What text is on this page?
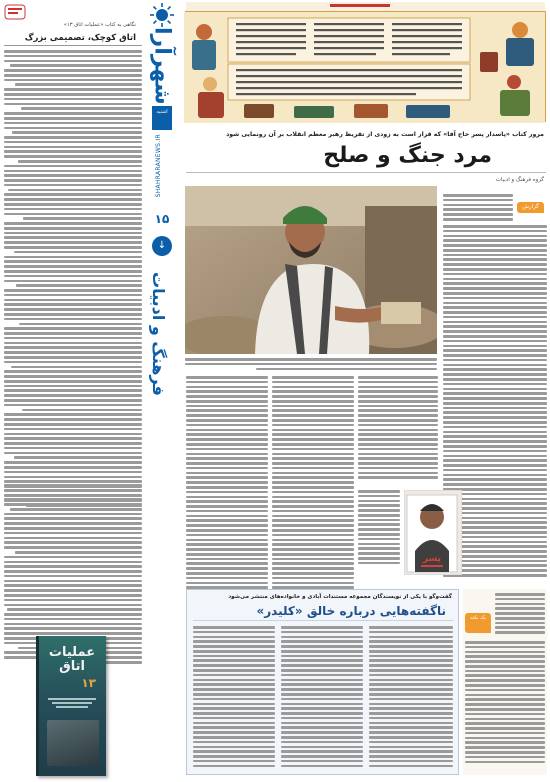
نگاهی به کتاب «عملیات اتاق ۱۳»
اتاق کوچک، تصمیمی بزرگ
عملیات اتاق
۱۳
شهرآرا
اشتیه
SHAHRARANEWS.IR
۱۵
↓
فرهنگ و ادبیات
مرور کتاب «پاسدار پسر حاج آقا» که قرار است به زودی از تقریظ رهبر معظم انقلاب بر آن رونمایی شود
مرد جنگ و صلح
گروه فرهنگ و ادبیات
گزارش
پسر
گفت‌وگو با یکی از نویسندگان مجموعه مستندات آبادی و خانواده‌های منتشر می‌شود
ناگفته‌هایی درباره خالق «کلیدر»	یک نکته
